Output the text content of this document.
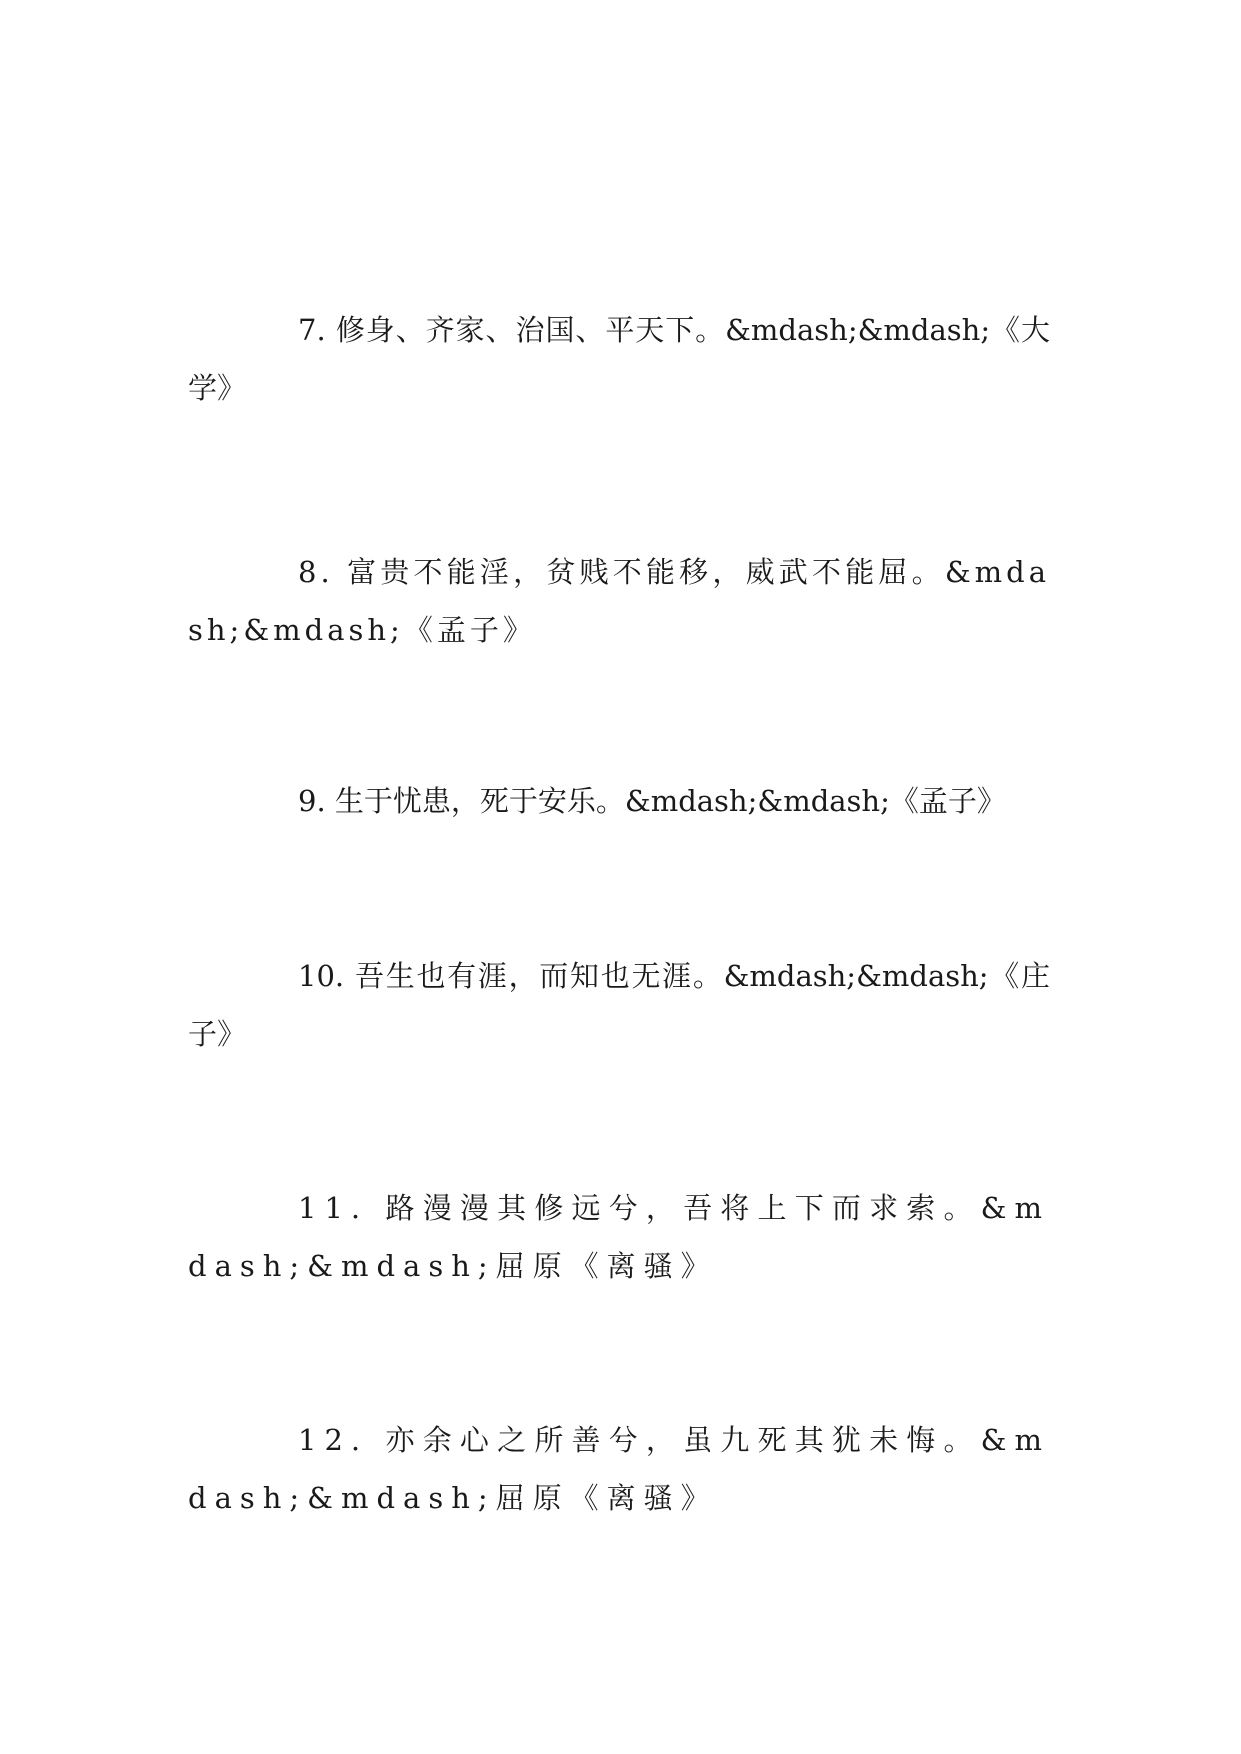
7. 修身、齐家、治国、平天下。&mdash;&mdash;《大学》

8. 富贵不能淫，贫贱不能移，威武不能屈。&mdash;&mdash;《孟子》

9. 生于忧患，死于安乐。&mdash;&mdash;《孟子》

10. 吾生也有涯，而知也无涯。&mdash;&mdash;《庄子》

11. 路漫漫其修远兮，吾将上下而求索。&mdash;&mdash;屈原《离骚》

12. 亦余心之所善兮，虽九死其犹未悔。&mdash;&mdash;屈原《离骚》
